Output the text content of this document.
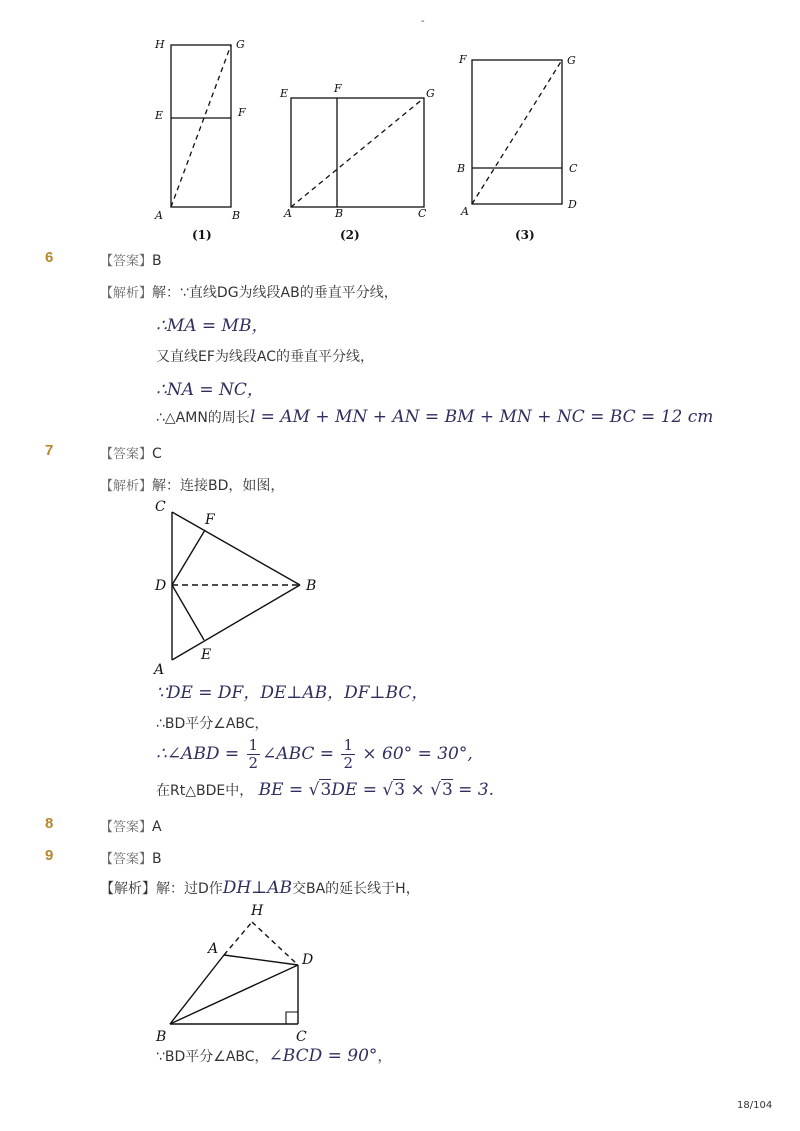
-
H	G
E	F
A	B
E	F	G
A	B	C
F	G
B	C
A
D
(1)	(2)	(3)
6	【答案】B
【解析】解：∵直线DG为线段AB的垂直平分线，
∴MA = MB，
又直线EF为线段AC的垂直平分线，
∴NA = NC，
∴△AMN的周长l = AM + MN + AN = BM + MN + NC = BC = 12 cm
7	【答案】C
【解析】解：连接BD，如图，
C
F
D	B
A
E
∵DE = DF，DE⊥AB，DF⊥BC，
∴BD平分∠ABC，
∴∠ABD = $\frac{1}{2}$ ∠ABC = $\frac{1}{2} \times 60^\circ = 30^\circ$,
在Rt△BDE中， BE = √3DE = √3 × √3 = 3.
8	【答案】A
9	【答案】B
【解析】解：过D作DH⊥AB交BA的延长线于H，
H
A
D
B	C
∵BD平分∠ABC，∠BCD = 90°，
18/104
